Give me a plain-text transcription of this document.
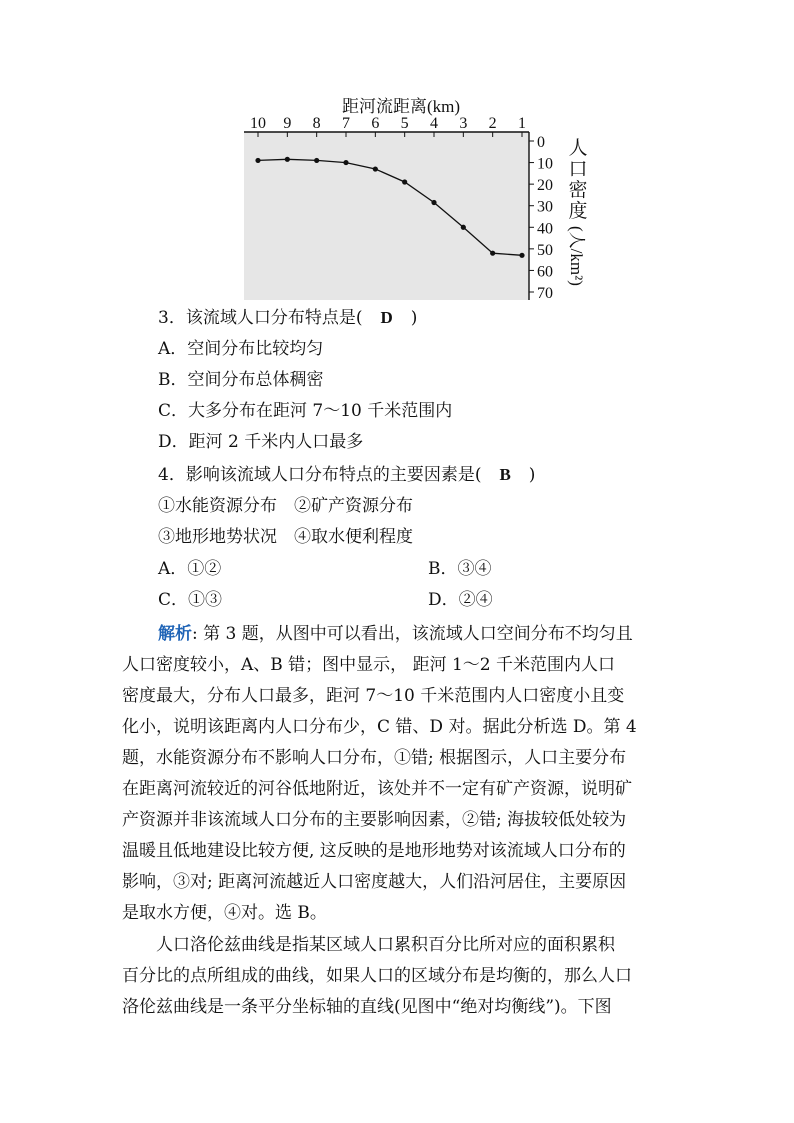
距河流距离(km)
10 9 8 7 6 5 4 3 2 1
0
10
20
30
40
50
60
70
人
口
密
度
(人/km²)
3．该流域人口分布特点是( D )
A．空间分布比较均匀
B．空间分布总体稠密
C．大多分布在距河 7～10 千米范围内
D．距河 2 千米内人口最多
4．影响该流域人口分布特点的主要因素是( B )
①水能资源分布　②矿产资源分布
③地形地势状况　④取水便利程度
A．①②	B．③④
C．①③	D．②④
解析: 第 3 题，从图中可以看出，该流域人口空间分布不均匀且
人口密度较小，A、B 错；图中显示， 距河 1～2 千米范围内人口
密度最大，分布人口最多，距河 7～10 千米范围内人口密度小且变
化小，说明该距离内人口分布少，C 错、D 对。据此分析选 D。第 4
题，水能资源分布不影响人口分布，①错; 根据图示，人口主要分布
在距离河流较近的河谷低地附近，该处并不一定有矿产资源，说明矿
产资源并非该流域人口分布的主要影响因素，②错; 海拔较低处较为
温暖且低地建设比较方便, 这反映的是地形地势对该流域人口分布的
影响，③对; 距离河流越近人口密度越大，人们沿河居住，主要原因
是取水方便，④对。选 B。
　　人口洛伦兹曲线是指某区域人口累积百分比所对应的面积累积
百分比的点所组成的曲线，如果人口的区域分布是均衡的，那么人口
洛伦兹曲线是一条平分坐标轴的直线(见图中“绝对均衡线”)。下图
